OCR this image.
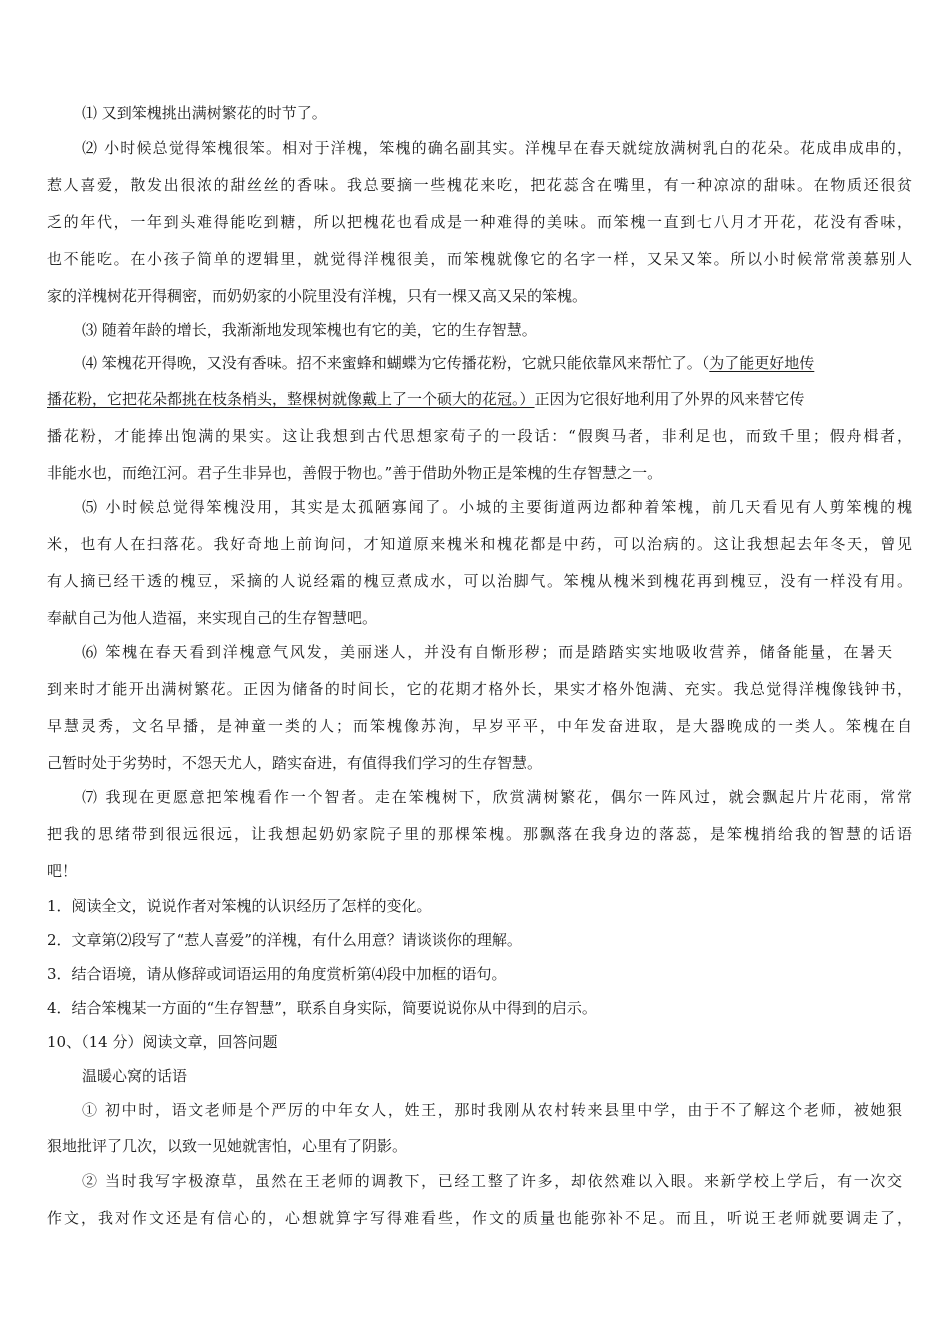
⑴ 又到笨槐挑出满树繁花的时节了。
⑵ 小时候总觉得笨槐很笨。相对于洋槐，笨槐的确名副其实。洋槐早在春天就绽放满树乳白的花朵。花成串成串的，
惹人喜爱，散发出很浓的甜丝丝的香味。我总要摘一些槐花来吃，把花蕊含在嘴里，有一种凉凉的甜味。在物质还很贫
乏的年代，一年到头难得能吃到糖，所以把槐花也看成是一种难得的美味。而笨槐一直到七八月才开花，花没有香味，
也不能吃。在小孩子简单的逻辑里，就觉得洋槐很美，而笨槐就像它的名字一样，又呆又笨。所以小时候常常羡慕别人
家的洋槐树花开得稠密，而奶奶家的小院里没有洋槐，只有一棵又高又呆的笨槐。
⑶ 随着年龄的增长，我渐渐地发现笨槐也有它的美，它的生存智慧。
⑷ 笨槐花开得晚，又没有香味。招不来蜜蜂和蝴蝶为它传播花粉，它就只能依靠风来帮忙了。（为了能更好地传
播花粉，它把花朵都挑在枝条梢头，整棵树就像戴上了一个硕大的花冠。）正因为它很好地利用了外界的风来替它传
播花粉，才能捧出饱满的果实。这让我想到古代思想家荀子的一段话：“假舆马者，非利足也，而致千里；假舟楫者，
非能水也，而绝江河。君子生非异也，善假于物也。”善于借助外物正是笨槐的生存智慧之一。
⑸ 小时候总觉得笨槐没用，其实是太孤陋寡闻了。小城的主要街道两边都种着笨槐，前几天看见有人剪笨槐的槐
米，也有人在扫落花。我好奇地上前询问，才知道原来槐米和槐花都是中药，可以治病的。这让我想起去年冬天，曾见
有人摘已经干透的槐豆，采摘的人说经霜的槐豆煮成水，可以治脚气。笨槐从槐米到槐花再到槐豆，没有一样没有用。
奉献自己为他人造福，来实现自己的生存智慧吧。
⑹ 笨槐在春天看到洋槐意气风发，美丽迷人，并没有自惭形秽；而是踏踏实实地吸收营养，储备能量，在暑天
到来时才能开出满树繁花。正因为储备的时间长，它的花期才格外长，果实才格外饱满、充实。我总觉得洋槐像钱钟书，
早慧灵秀，文名早播，是神童一类的人；而笨槐像苏洵，早岁平平，中年发奋进取，是大器晚成的一类人。笨槐在自
己暂时处于劣势时，不怨天尤人，踏实奋进，有值得我们学习的生存智慧。
⑺ 我现在更愿意把笨槐看作一个智者。走在笨槐树下，欣赏满树繁花，偶尔一阵风过，就会飘起片片花雨，常常
把我的思绪带到很远很远，让我想起奶奶家院子里的那棵笨槐。那飘落在我身边的落蕊，是笨槐捎给我的智慧的话语
吧！
1．阅读全文，说说作者对笨槐的认识经历了怎样的变化。
2．文章第⑵段写了“惹人喜爱”的洋槐，有什么用意？请谈谈你的理解。
3．结合语境，请从修辞或词语运用的角度赏析第⑷段中加框的语句。
4．结合笨槐某一方面的“生存智慧”，联系自身实际，简要说说你从中得到的启示。
10、（14 分）阅读文章，回答问题
温暖心窝的话语
① 初中时，语文老师是个严厉的中年女人，姓王，那时我刚从农村转来县里中学，由于不了解这个老师，被她狠
狠地批评了几次，以致一见她就害怕，心里有了阴影。
② 当时我写字极潦草，虽然在王老师的调教下，已经工整了许多，却依然难以入眼。来新学校上学后，有一次交
作文，我对作文还是有信心的，心想就算字写得难看些，作文的质量也能弥补不足。而且，听说王老师就要调走了，
